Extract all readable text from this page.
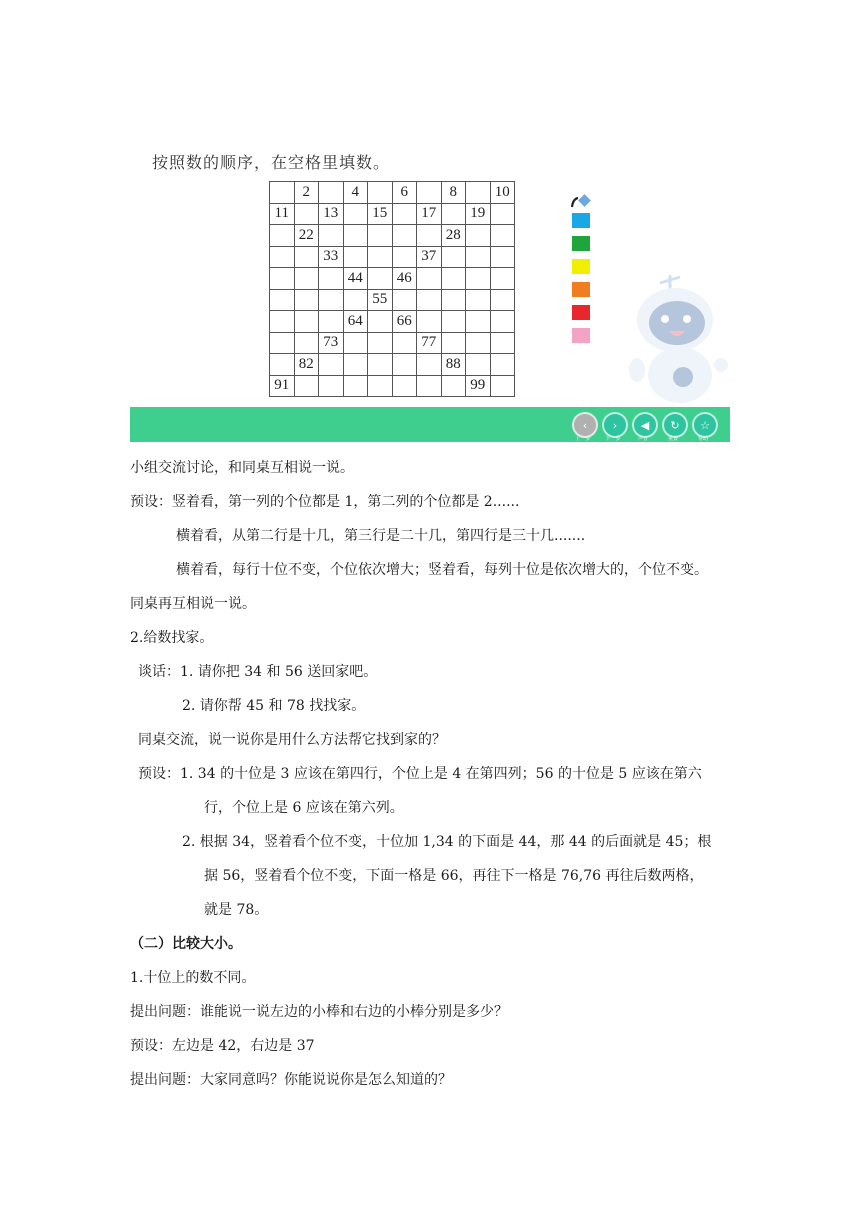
按照数的顺序，在空格里填数。
	2		4		6		8		10
11		13		15		17		19	
	22						28		
		33				37			
			44		46				
				55					
			64		66				
		73				77			
	82						88		
91								99	
‹
上一步
›
下一步
◀
声音
↻
重置
☆
帮助
小组交流讨论，和同桌互相说一说。
预设：竖着看，第一列的个位都是 1，第二列的个位都是 2......
横着看，从第二行是十几，第三行是二十几，第四行是三十几.......
横着看，每行十位不变，个位依次增大；竖着看，每列十位是依次增大的，个位不变。
同桌再互相说一说。
2.给数找家。
谈话：1. 请你把 34 和 56 送回家吧。
2. 请你帮 45 和 78 找找家。
同桌交流，说一说你是用什么方法帮它找到家的？
预设：1. 34 的十位是 3 应该在第四行，个位上是 4 在第四列；56 的十位是 5 应该在第六
行，个位上是 6 应该在第六列。
2. 根据 34，竖着看个位不变，十位加 1,34 的下面是 44，那 44 的后面就是 45；根
据 56，竖着看个位不变，下面一格是 66，再往下一格是 76,76 再往后数两格，
就是 78。
（二）比较大小。
1.十位上的数不同。
提出问题：谁能说一说左边的小棒和右边的小棒分别是多少？
预设：左边是 42，右边是 37
提出问题：大家同意吗？你能说说你是怎么知道的？
